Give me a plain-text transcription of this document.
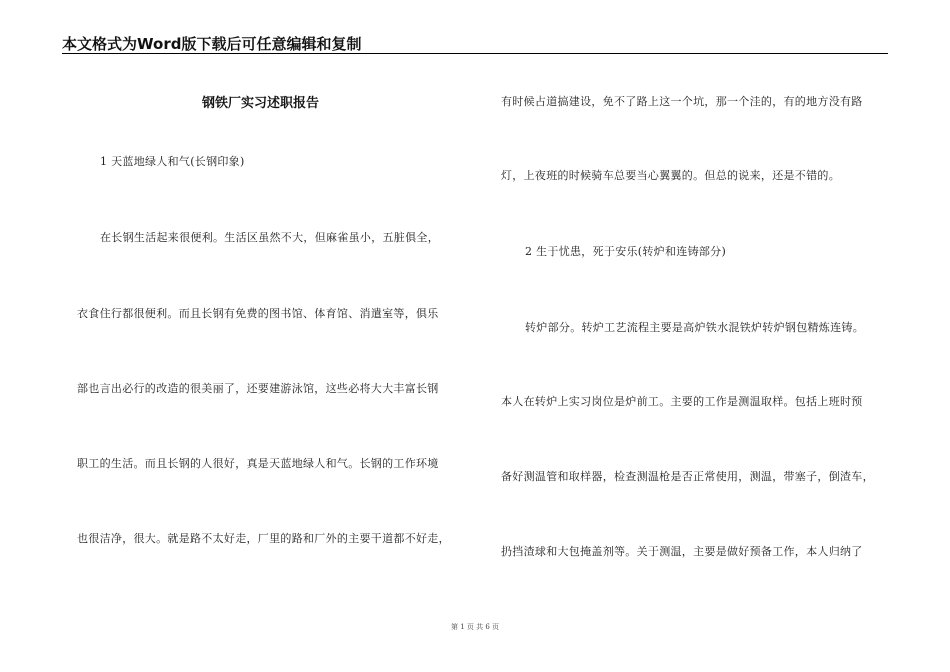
本文格式为Word版下载后可任意编辑和复制
钢铁厂实习述职报告
1 天蓝地绿人和气(长钢印象)
在长钢生活起来很便利。生活区虽然不大，但麻雀虽小，五脏俱全，
衣食住行都很便利。而且长钢有免费的图书馆、体育馆、消遣室等，俱乐
部也言出必行的改造的很美丽了，还要建游泳馆，这些必将大大丰富长钢
职工的生活。而且长钢的人很好，真是天蓝地绿人和气。长钢的工作环境
也很洁净，很大。就是路不太好走，厂里的路和厂外的主要干道都不好走，
有时候占道搞建设，免不了路上这一个坑，那一个洼的，有的地方没有路
灯，上夜班的时候骑车总要当心翼翼的。但总的说来，还是不错的。
2 生于忧患，死于安乐(转炉和连铸部分)
转炉部分。转炉工艺流程主要是高炉铁水混铁炉转炉钢包精炼连铸。
本人在转炉上实习岗位是炉前工。主要的工作是测温取样。包括上班时预
备好测温管和取样器，检查测温枪是否正常使用，测温，带塞子，倒渣车，
扔挡渣球和大包掩盖剂等。关于测温，主要是做好预备工作，本人归纳了
第 1 页 共 6 页
